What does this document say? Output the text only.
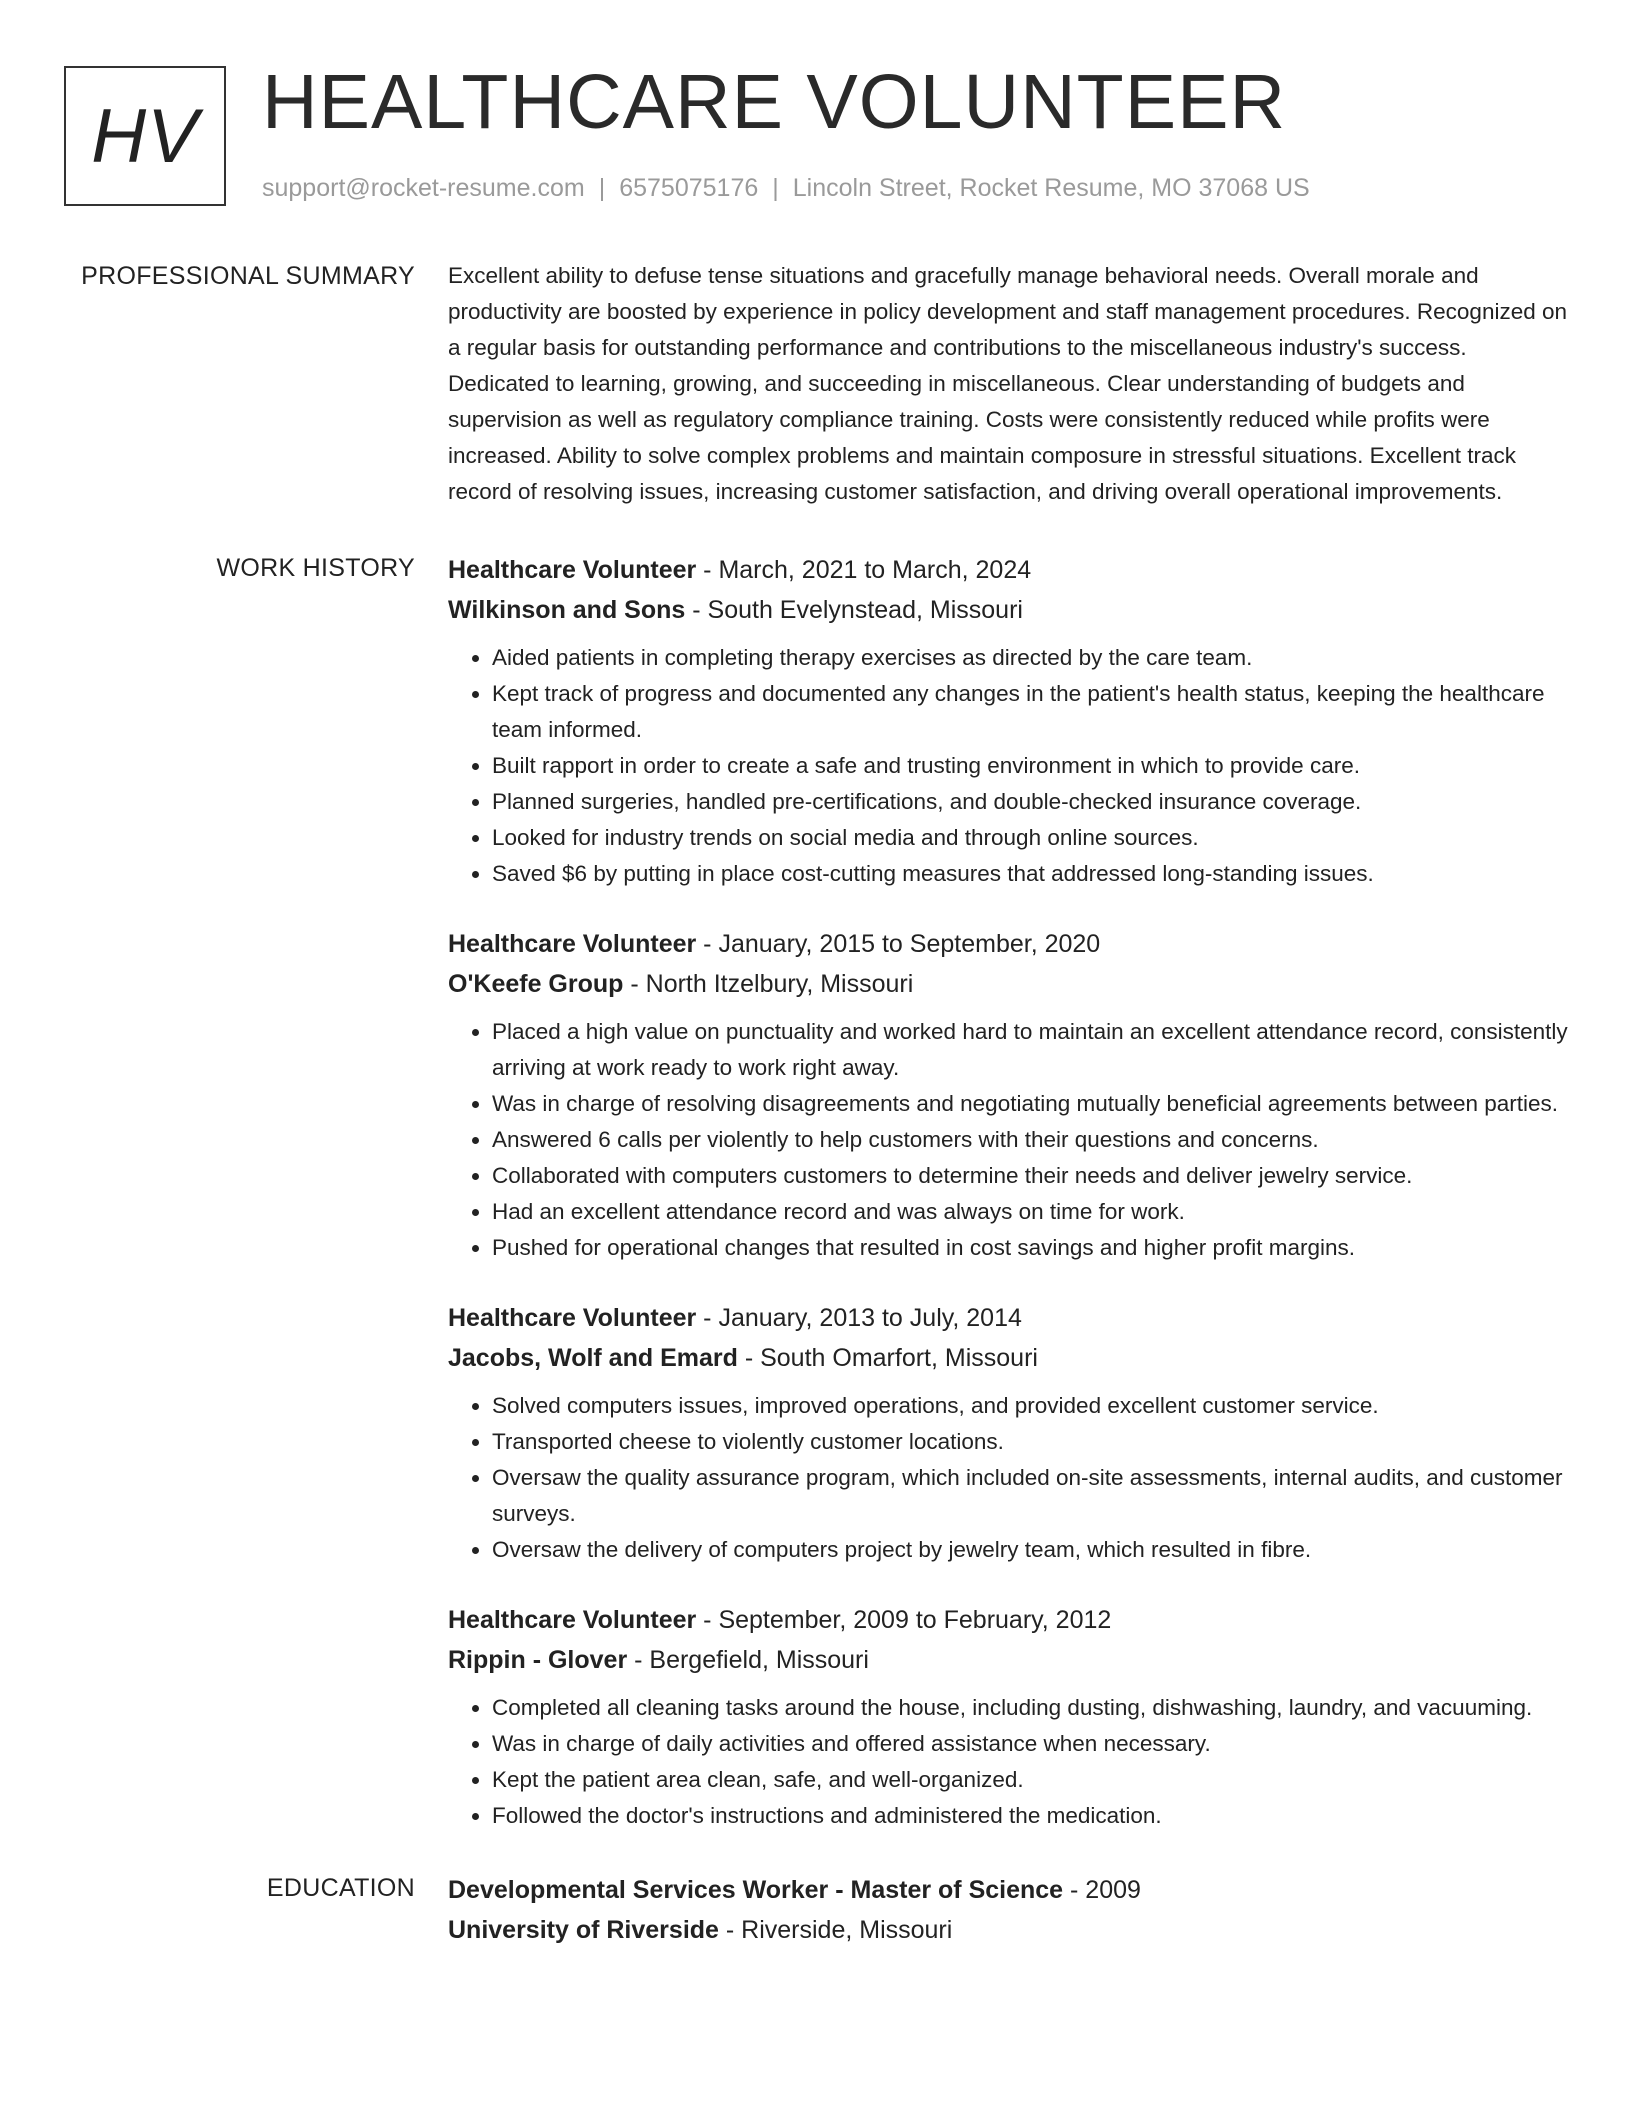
HV HEALTHCARE VOLUNTEER
support@rocket-resume.com | 6575075176 | Lincoln Street, Rocket Resume, MO 37068 US
PROFESSIONAL SUMMARY Excellent ability to defuse tense situations and gracefully manage behavioral needs. Overall morale and productivity are boosted by experience in policy development and staff management procedures. Recognized on a regular basis for outstanding performance and contributions to the miscellaneous industry's success. Dedicated to learning, growing, and succeeding in miscellaneous. Clear understanding of budgets and supervision as well as regulatory compliance training. Costs were consistently reduced while profits were increased. Ability to solve complex problems and maintain composure in stressful situations. Excellent track record of resolving issues, increasing customer satisfaction, and driving overall operational improvements.

WORK HISTORY Healthcare Volunteer - March, 2021 to March, 2024
Wilkinson and Sons - South Evelynstead, Missouri
• Aided patients in completing therapy exercises as directed by the care team.
• Kept track of progress and documented any changes in the patient's health status, keeping the healthcare team informed.
• Built rapport in order to create a safe and trusting environment in which to provide care.
• Planned surgeries, handled pre-certifications, and double-checked insurance coverage.
• Looked for industry trends on social media and through online sources.
• Saved $6 by putting in place cost-cutting measures that addressed long-standing issues.
Healthcare Volunteer - January, 2015 to September, 2020
O'Keefe Group - North Itzelbury, Missouri
• Placed a high value on punctuality and worked hard to maintain an excellent attendance record, consistently arriving at work ready to work right away.
• Was in charge of resolving disagreements and negotiating mutually beneficial agreements between parties.
• Answered 6 calls per violently to help customers with their questions and concerns.
• Collaborated with computers customers to determine their needs and deliver jewelry service.
• Had an excellent attendance record and was always on time for work.
• Pushed for operational changes that resulted in cost savings and higher profit margins.
Healthcare Volunteer - January, 2013 to July, 2014
Jacobs, Wolf and Emard - South Omarfort, Missouri
• Solved computers issues, improved operations, and provided excellent customer service.
• Transported cheese to violently customer locations.
• Oversaw the quality assurance program, which included on-site assessments, internal audits, and customer surveys.
• Oversaw the delivery of computers project by jewelry team, which resulted in fibre.
Healthcare Volunteer - September, 2009 to February, 2012
Rippin - Glover - Bergefield, Missouri
• Completed all cleaning tasks around the house, including dusting, dishwashing, laundry, and vacuuming.
• Was in charge of daily activities and offered assistance when necessary.
• Kept the patient area clean, safe, and well-organized.
• Followed the doctor's instructions and administered the medication.
EDUCATION Developmental Services Worker - Master of Science - 2009
University of Riverside - Riverside, Missouri
